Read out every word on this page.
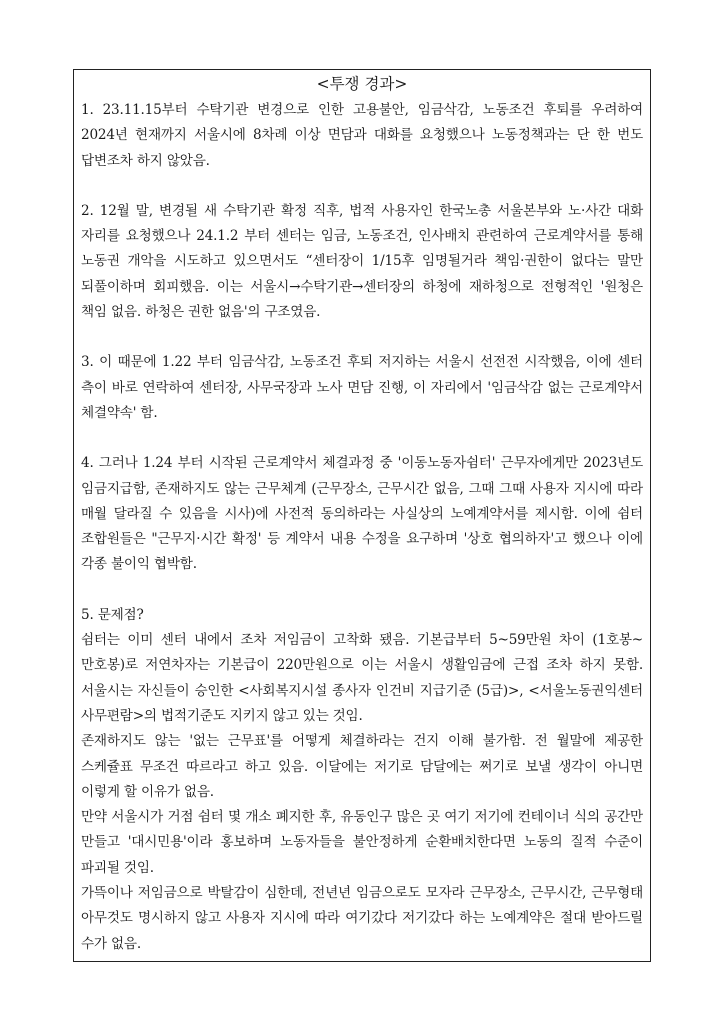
<투쟁 경과>

1. 23.11.15부터 수탁기관 변경으로 인한 고용불안, 임금삭감, 노동조건 후퇴를 우려하여 2024년 현재까지 서울시에 8차례 이상 면담과 대화를 요청했으나 노동정책과는 단 한 번도 답변조차 하지 않았음.

2. 12월 말, 변경될 새 수탁기관 확정 직후, 법적 사용자인 한국노총 서울본부와 노·사간 대화 자리를 요청했으나 24.1.2 부터 센터는 임금, 노동조건, 인사배치 관련하여 근로계약서를 통해 노동권 개악을 시도하고 있으면서도 “센터장이 1/15후 임명될거라 책임·권한이 없다는 말만 되풀이하며 회피했음. 이는 서울시→수탁기관→센터장의 하청에 재하청으로 전형적인 '원청은 책임 없음. 하청은 권한 없음'의 구조였음.

3. 이 때문에 1.22 부터 임금삭감, 노동조건 후퇴 저지하는 서울시 선전전 시작했음, 이에 센터 측이 바로 연락하여 센터장, 사무국장과 노사 면담 진행, 이 자리에서 '임금삭감 없는 근로계약서 체결약속' 함.

4. 그러나 1.24 부터 시작된 근로계약서 체결과정 중 '이동노동자쉼터' 근무자에게만 2023년도 임금지급함, 존재하지도 않는 근무체계 (근무장소, 근무시간 없음, 그때 그때 사용자 지시에 따라 매월 달라질 수 있음을 시사)에 사전적 동의하라는 사실상의 노예계약서를 제시함. 이에 쉼터 조합원들은 "근무지·시간 확정' 등 계약서 내용 수정을 요구하며 '상호 협의하자'고 했으나 이에 각종 불이익 협박함.

5. 문제점?

쉼터는 이미 센터 내에서 조차 저임금이 고착화 됐음. 기본급부터 5~59만원 차이 (1호봉~만호봉)로 저연차자는 기본급이 220만원으로 이는 서울시 생활임금에 근접 조차 하지 못함. 서울시는 자신들이 승인한 <사회복지시설 종사자 인건비 지급기준 (5급)>, <서울노동권익센터 사무편람>의 법적기준도 지키지 않고 있는 것임.

존재하지도 않는 '없는 근무표'를 어떻게 체결하라는 건지 이해 불가함. 전 월말에 제공한 스케쥴표 무조건 따르라고 하고 있음. 이달에는 저기로 담달에는 쩌기로 보낼 생각이 아니면 이렇게 할 이유가 없음.

만약 서울시가 거점 쉼터 몇 개소 폐지한 후, 유동인구 많은 곳 여기 저기에 컨테이너 식의 공간만 만들고 '대시민용'이라 홍보하며 노동자들을 불안정하게 순환배치한다면 노동의 질적 수준이 파괴될 것임.

가뜩이나 저임금으로 박탈감이 심한데, 전년년 임금으로도 모자라 근무장소, 근무시간, 근무형태 아무것도 명시하지 않고 사용자 지시에 따라 여기갔다 저기갔다 하는 노예계약은 절대 받아드릴 수가 없음.
